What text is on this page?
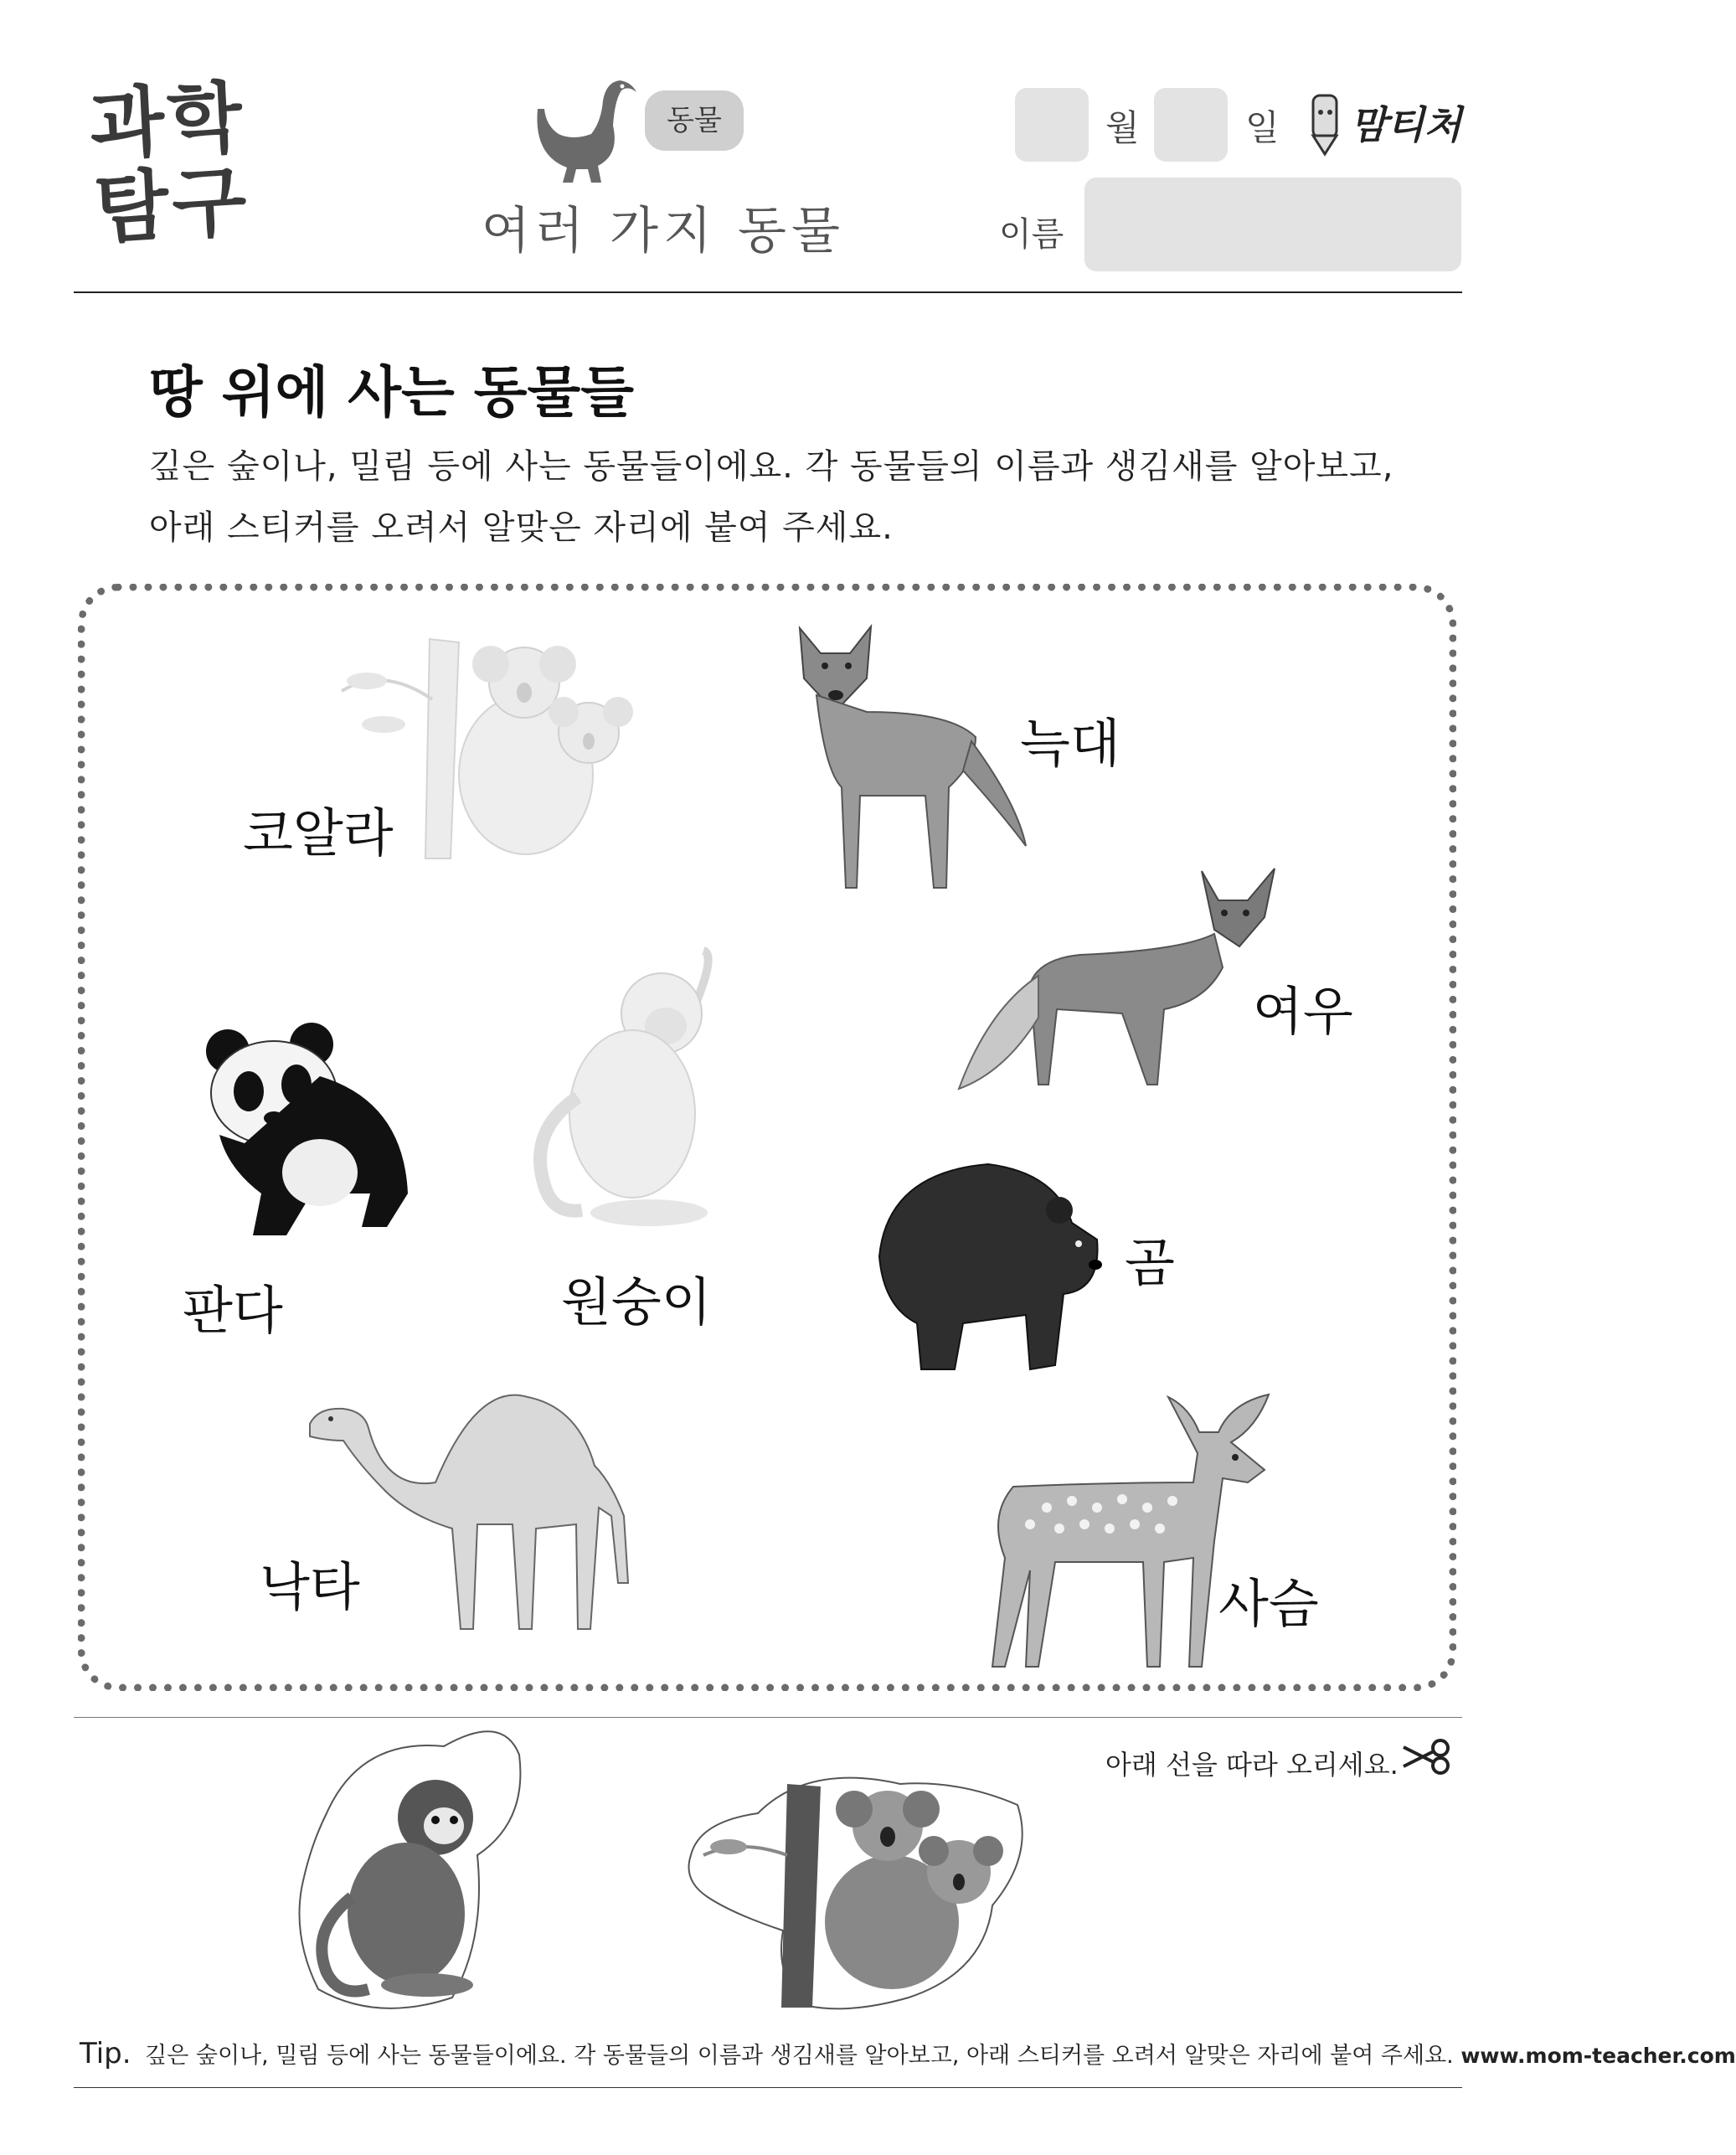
과학
탐구
동물
여러 가지 동물
월	일 맘티처
이름
땅 위에 사는 동물들
깊은 숲이나, 밀림 등에 사는 동물들이에요. 각 동물들의 이름과 생김새를 알아보고,
아래 스티커를 오려서 알맞은 자리에 붙여 주세요.
코알라
늑대
여우
판다	원숭이
곰
낙타	사슴
아래 선을 따라 오리세요.
Tip. 깊은 숲이나, 밀림 등에 사는 동물들이에요. 각 동물들의 이름과 생김새를 알아보고, 아래 스티커를 오려서 알맞은 자리에 붙여 주세요. www.mom-teacher.com
